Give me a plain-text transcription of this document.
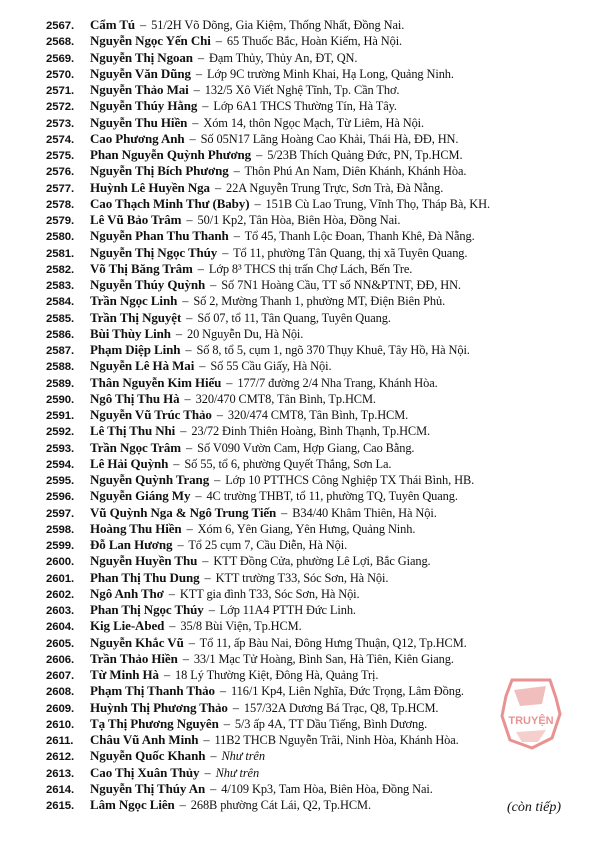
2567. Cẩm Tú – 51/2H Võ Dõng, Gia Kiệm, Thống Nhất, Đồng Nai.
2568. Nguyễn Ngọc Yến Chi – 65 Thuốc Bắc, Hoàn Kiếm, Hà Nội.
2569. Nguyễn Thị Ngoan – Đạm Thủy, Thủy An, ĐT, QN.
2570. Nguyễn Văn Dũng – Lớp 9C trường Minh Khai, Hạ Long, Quảng Ninh.
2571. Nguyễn Thảo Mai – 132/5 Xô Viết Nghệ Tĩnh, Tp. Cần Thơ.
2572. Nguyễn Thúy Hằng – Lớp 6A1 THCS Thường Tín, Hà Tây.
2573. Nguyễn Thu Hiền – Xóm 14, thôn Ngọc Mạch, Từ Liêm, Hà Nội.
2574. Cao Phương Anh – Số 05N17 Lãng Hoàng Cao Khải, Thái Hà, ĐĐ, HN.
2575. Phan Nguyễn Quỳnh Phương – 5/23B Thích Quảng Đức, PN, Tp.HCM.
2576. Nguyễn Thị Bích Phương – Thôn Phú An Nam, Diên Khánh, Khánh Hòa.
2577. Huỳnh Lê Huyền Nga – 22A Nguyễn Trung Trực, Sơn Trà, Đà Nẵng.
2578. Cao Thạch Minh Thư (Baby) – 151B Cù Lao Trung, Vĩnh Thọ, Tháp Bà, KH.
2579. Lê Vũ Bảo Trâm – 50/1 Kp2, Tân Hòa, Biên Hòa, Đồng Nai.
2580. Nguyễn Phan Thu Thanh – Tổ 45, Thanh Lộc Đoan, Thanh Khê, Đà Nẵng.
2581. Nguyễn Thị Ngọc Thúy – Tổ 11, phường Tân Quang, thị xã Tuyên Quang.
2582. Võ Thị Băng Trâm – Lớp 8³ THCS thị trấn Chợ Lách, Bến Tre.
2583. Nguyễn Thúy Quỳnh – Số 7N1 Hoàng Cầu, TT số NN&PTNT, ĐĐ, HN.
2584. Trần Ngọc Linh – Số 2, Mường Thanh 1, phường MT, Điện Biên Phủ.
2585. Trần Thị Nguyệt – Số 07, tổ 11, Tân Quang, Tuyên Quang.
2586. Bùi Thùy Linh – 20 Nguyễn Du, Hà Nội.
2587. Phạm Diệp Linh – Số 8, tổ 5, cụm 1, ngõ 370 Thụy Khuê, Tây Hồ, Hà Nội.
2588. Nguyễn Lê Hà Mai – Số 55 Cầu Giấy, Hà Nội.
2589. Thân Nguyễn Kim Hiếu – 177/7 đường 2/4 Nha Trang, Khánh Hòa.
2590. Ngô Thị Thu Hà – 320/470 CMT8, Tân Bình, Tp.HCM.
2591. Nguyễn Vũ Trúc Thảo – 320/474 CMT8, Tân Bình, Tp.HCM.
2592. Lê Thị Thu Nhi – 23/72 Đinh Thiên Hoàng, Bình Thạnh, Tp.HCM.
2593. Trần Ngọc Trâm – Số V090 Vườn Cam, Hợp Giang, Cao Bằng.
2594. Lê Hải Quỳnh – Số 55, tổ 6, phường Quyết Thắng, Sơn La.
2595. Nguyễn Quỳnh Trang – Lớp 10 PTTHCS Công Nghiệp TX Thái Bình, HB.
2596. Nguyễn Giáng My – 4C trường THBT, tổ 11, phường TQ, Tuyên Quang.
2597. Vũ Quỳnh Nga & Ngô Trung Tiến – B34/40 Khâm Thiên, Hà Nội.
2598. Hoàng Thu Hiền – Xóm 6, Yên Giang, Yên Hưng, Quảng Ninh.
2599. Đỗ Lan Hương – Tổ 25 cụm 7, Cầu Diễn, Hà Nội.
2600. Nguyễn Huyền Thu – KTT Đồng Cửa, phường Lê Lợi, Bắc Giang.
2601. Phan Thị Thu Dung – KTT trường T33, Sóc Sơn, Hà Nội.
2602. Ngô Anh Thơ – KTT gia đình T33, Sóc Sơn, Hà Nội.
2603. Phan Thị Ngọc Thúy – Lớp 11A4 PTTH Đức Linh.
2604. Kig Lie-Abed – 35/8 Bùi Viện, Tp.HCM.
2605. Nguyễn Khắc Vũ – Tổ 11, ấp Bàu Nai, Đông Hưng Thuận, Q12, Tp.HCM.
2606. Trần Thảo Hiền – 33/1 Mạc Tử Hoàng, Bình San, Hà Tiên, Kiên Giang.
2607. Từ Minh Hà – 18 Lý Thường Kiệt, Đông Hà, Quảng Trị.
2608. Phạm Thị Thanh Thảo – 116/1 Kp4, Liên Nghĩa, Đức Trọng, Lâm Đồng.
2609. Huỳnh Thị Phương Thảo – 157/32A Dương Bá Trạc, Q8, Tp.HCM.
2610. Tạ Thị Phương Nguyên – 5/3 ấp 4A, TT Dầu Tiếng, Bình Dương.
2611. Châu Vũ Anh Minh – 11B2 THCB Nguyễn Trãi, Ninh Hòa, Khánh Hòa.
2612. Nguyễn Quốc Khanh – Như trên
2613. Cao Thị Xuân Thủy – Như trên
2614. Nguyễn Thị Thúy An – 4/109 Kp3, Tam Hòa, Biên Hòa, Đồng Nai.
2615. Lâm Ngọc Liên – 268B phường Cát Lái, Q2, Tp.HCM.	(còn tiếp)
TRUYỆN
